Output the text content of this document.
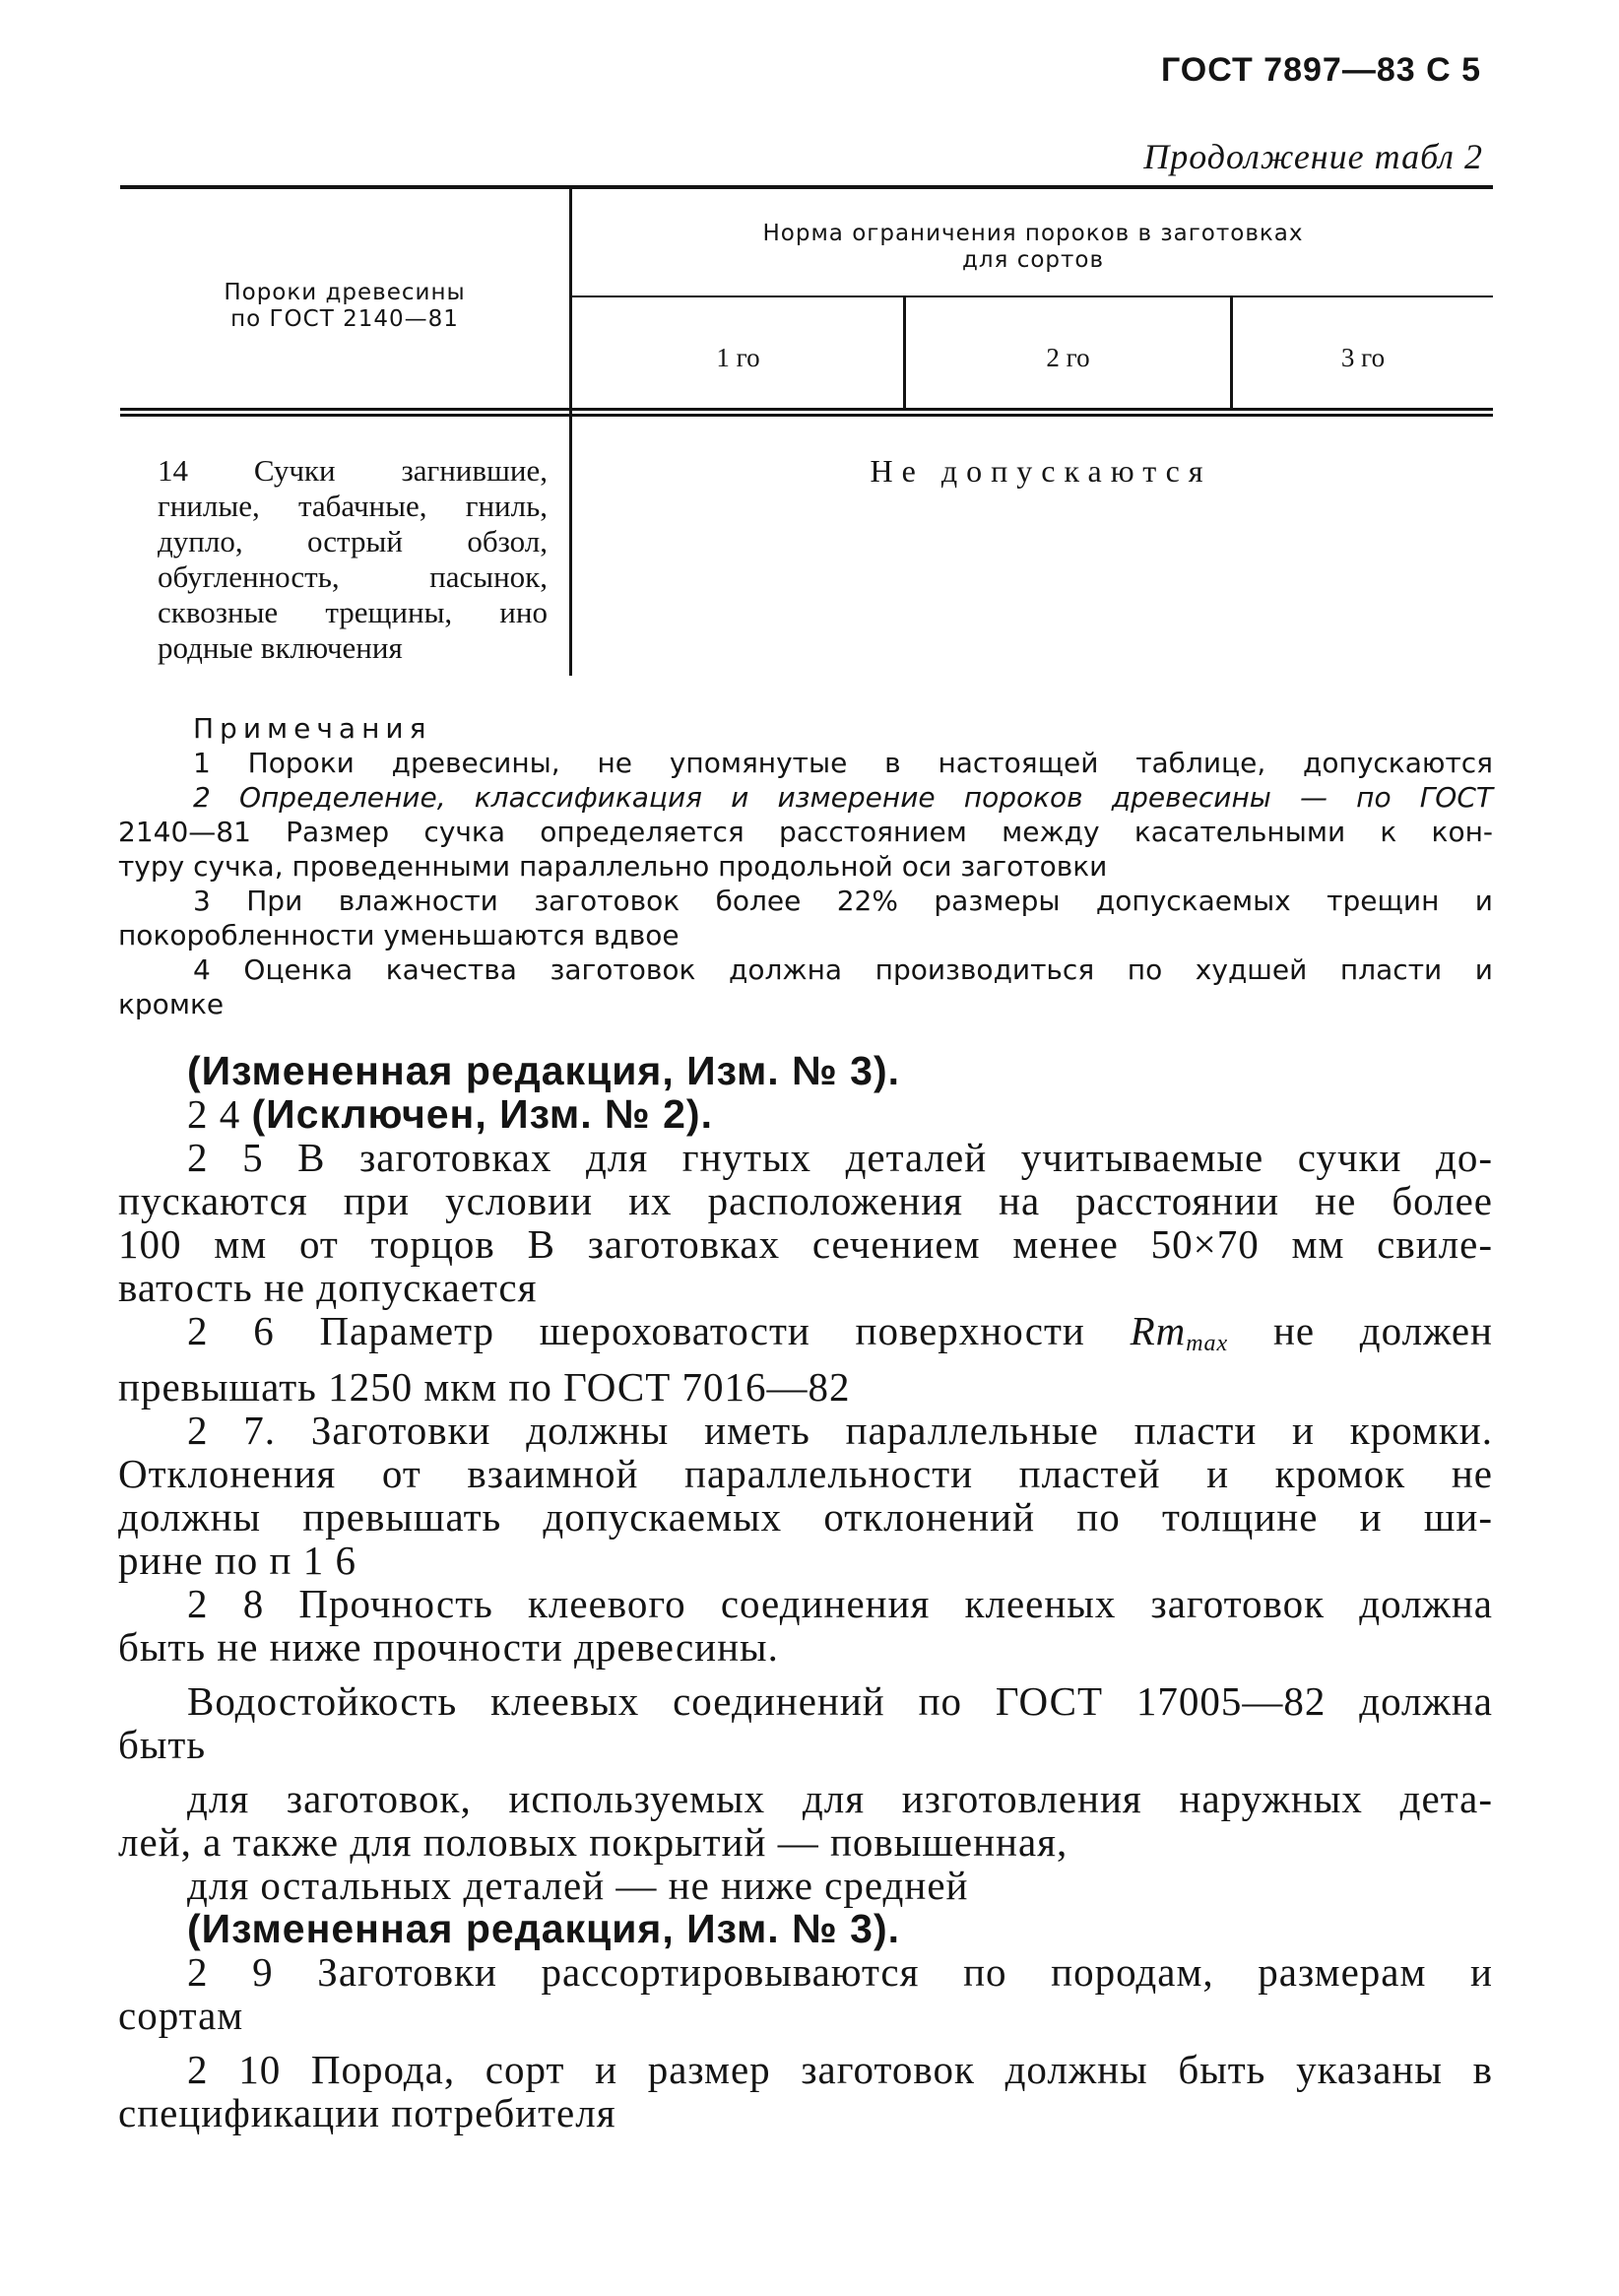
ГОСТ 7897—83 С 5
Продолжение табл 2
Пороки древесины
по ГОСТ 2140—81
Норма ограничения пороков в заготовках
для сортов
1 го	2 го	3 го
14 Сучки загнившие,
гнилые, табачные, гниль,
дупло, острый обзол,
обугленность, пасынок,
сквозные трещины, ино
родные включения
Не допускаются
Примечания
1 Пороки древесины, не упомянутые в настоящей таблице, допускаются
2 Определение, классификация и измерение пороков древесины — по ГОСТ
2140—81 Размер сучка определяется расстоянием между касательными к кон-
туру сучка, проведенными параллельно продольной оси заготовки
3 При влажности заготовок более 22% размеры допускаемых трещин и
покоробленности уменьшаются вдвое
4 Оценка качества заготовок должна производиться по худшей пласти и
кромке
(Измененная редакция, Изм. № 3).
2 4 (Исключен, Изм. № 2).
2 5 В заготовках для гнутых деталей учитываемые сучки до-
пускаются при условии их расположения на расстоянии не более
100 мм от торцов В заготовках сечением менее 50×70 мм свиле-
ватость не допускается
2 6 Параметр шероховатости поверхности $Rm_{max}$ не должен
превышать 1250 мкм по ГОСТ 7016—82
2 7. Заготовки должны иметь параллельные пласти и кромки.
Отклонения от взаимной параллельности пластей и кромок не
должны превышать допускаемых отклонений по толщине и ши-
рине по п 1 6
2 8 Прочность клеевого соединения клееных заготовок должна
быть не ниже прочности древесины.
Водостойкость клеевых соединений по ГОСТ 17005—82 должна
быть
для заготовок, используемых для изготовления наружных дета-
лей, а также для половых покрытий — повышенная,
для остальных деталей — не ниже средней
(Измененная редакция, Изм. № 3).
2 9 Заготовки рассортировываются по породам, размерам и
сортам
2 10 Порода, сорт и размер заготовок должны быть указаны в
спецификации потребителя
